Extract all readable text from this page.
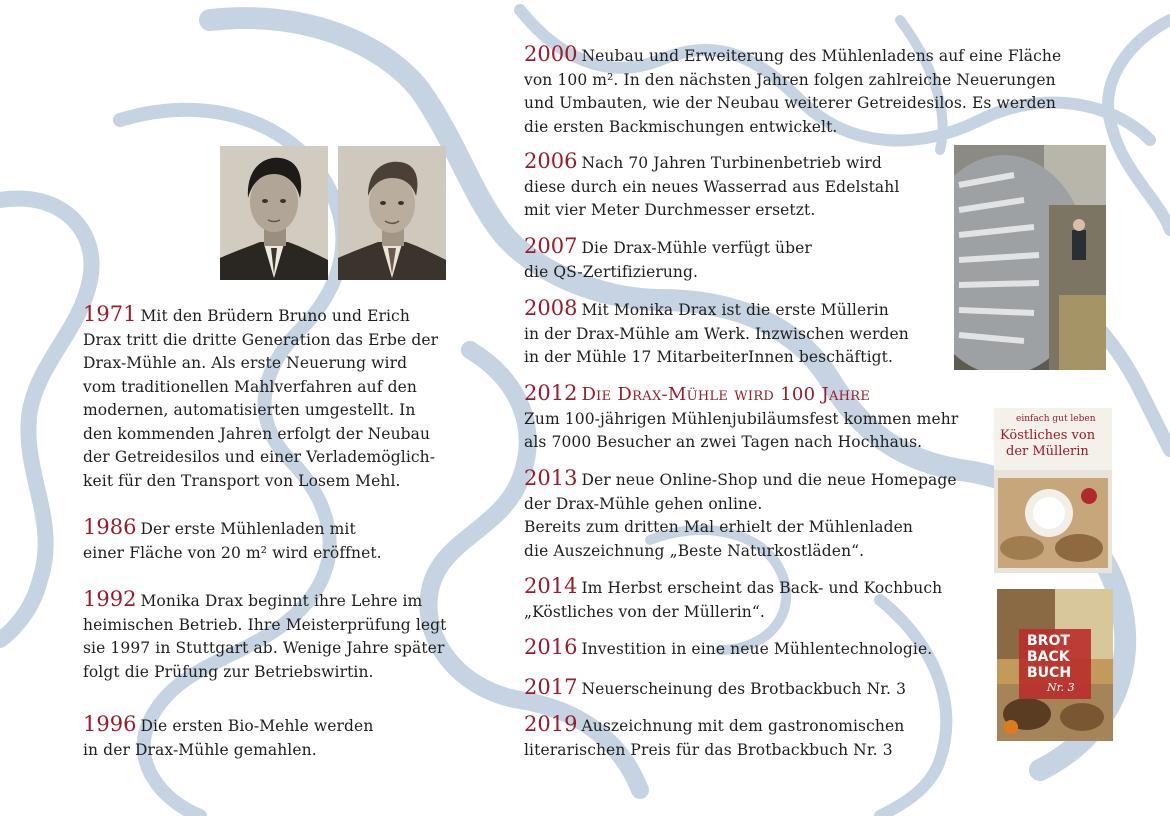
einfach gut leben
Köstliches von
der Müllerin
BROT
BACK
BUCH
Nr. 3
1971 Mit den Brüdern Bruno und Erich
Drax tritt die dritte Generation das Erbe der
Drax-Mühle an. Als erste Neuerung wird
vom traditionellen Mahlverfahren auf den
modernen, automatisierten umgestellt. In
den kommenden Jahren erfolgt der Neubau
der Getreidesilos und einer Verlademöglich-
keit für den Transport von Losem Mehl.
1986 Der erste Mühlenladen mit
einer Fläche von 20 m² wird eröffnet.
1992 Monika Drax beginnt ihre Lehre im
heimischen Betrieb. Ihre Meisterprüfung legt
sie 1997 in Stuttgart ab. Wenige Jahre später
folgt die Prüfung zur Betriebswirtin.
1996 Die ersten Bio-Mehle werden
in der Drax-Mühle gemahlen.
2000 Neubau und Erweiterung des Mühlenladens auf eine Fläche
von 100 m². In den nächsten Jahren folgen zahlreiche Neuerungen
und Umbauten, wie der Neubau weiterer Getreidesilos. Es werden
die ersten Backmischungen entwickelt.
2006 Nach 70 Jahren Turbinenbetrieb wird
diese durch ein neues Wasserrad aus Edelstahl
mit vier Meter Durchmesser ersetzt.
2007 Die Drax-Mühle verfügt über
die QS-Zertifizierung.
2008 Mit Monika Drax ist die erste Müllerin
in der Drax-Mühle am Werk. Inzwischen werden
in der Mühle 17 MitarbeiterInnen beschäftigt.
2012 Die Drax-Mühle wird 100 Jahre
Zum 100-jährigen Mühlenjubiläumsfest kommen mehr
als 7000 Besucher an zwei Tagen nach Hochhaus.
2013 Der neue Online-Shop und die neue Homepage
der Drax-Mühle gehen online.
Bereits zum dritten Mal erhielt der Mühlenladen
die Auszeichnung „Beste Naturkostläden“.
2014 Im Herbst erscheint das Back- und Kochbuch
„Köstliches von der Müllerin“.
2016 Investition in eine neue Mühlentechnologie.
2017 Neuerscheinung des Brotbackbuch Nr. 3
2019 Auszeichnung mit dem gastronomischen
literarischen Preis für das Brotbackbuch Nr. 3
